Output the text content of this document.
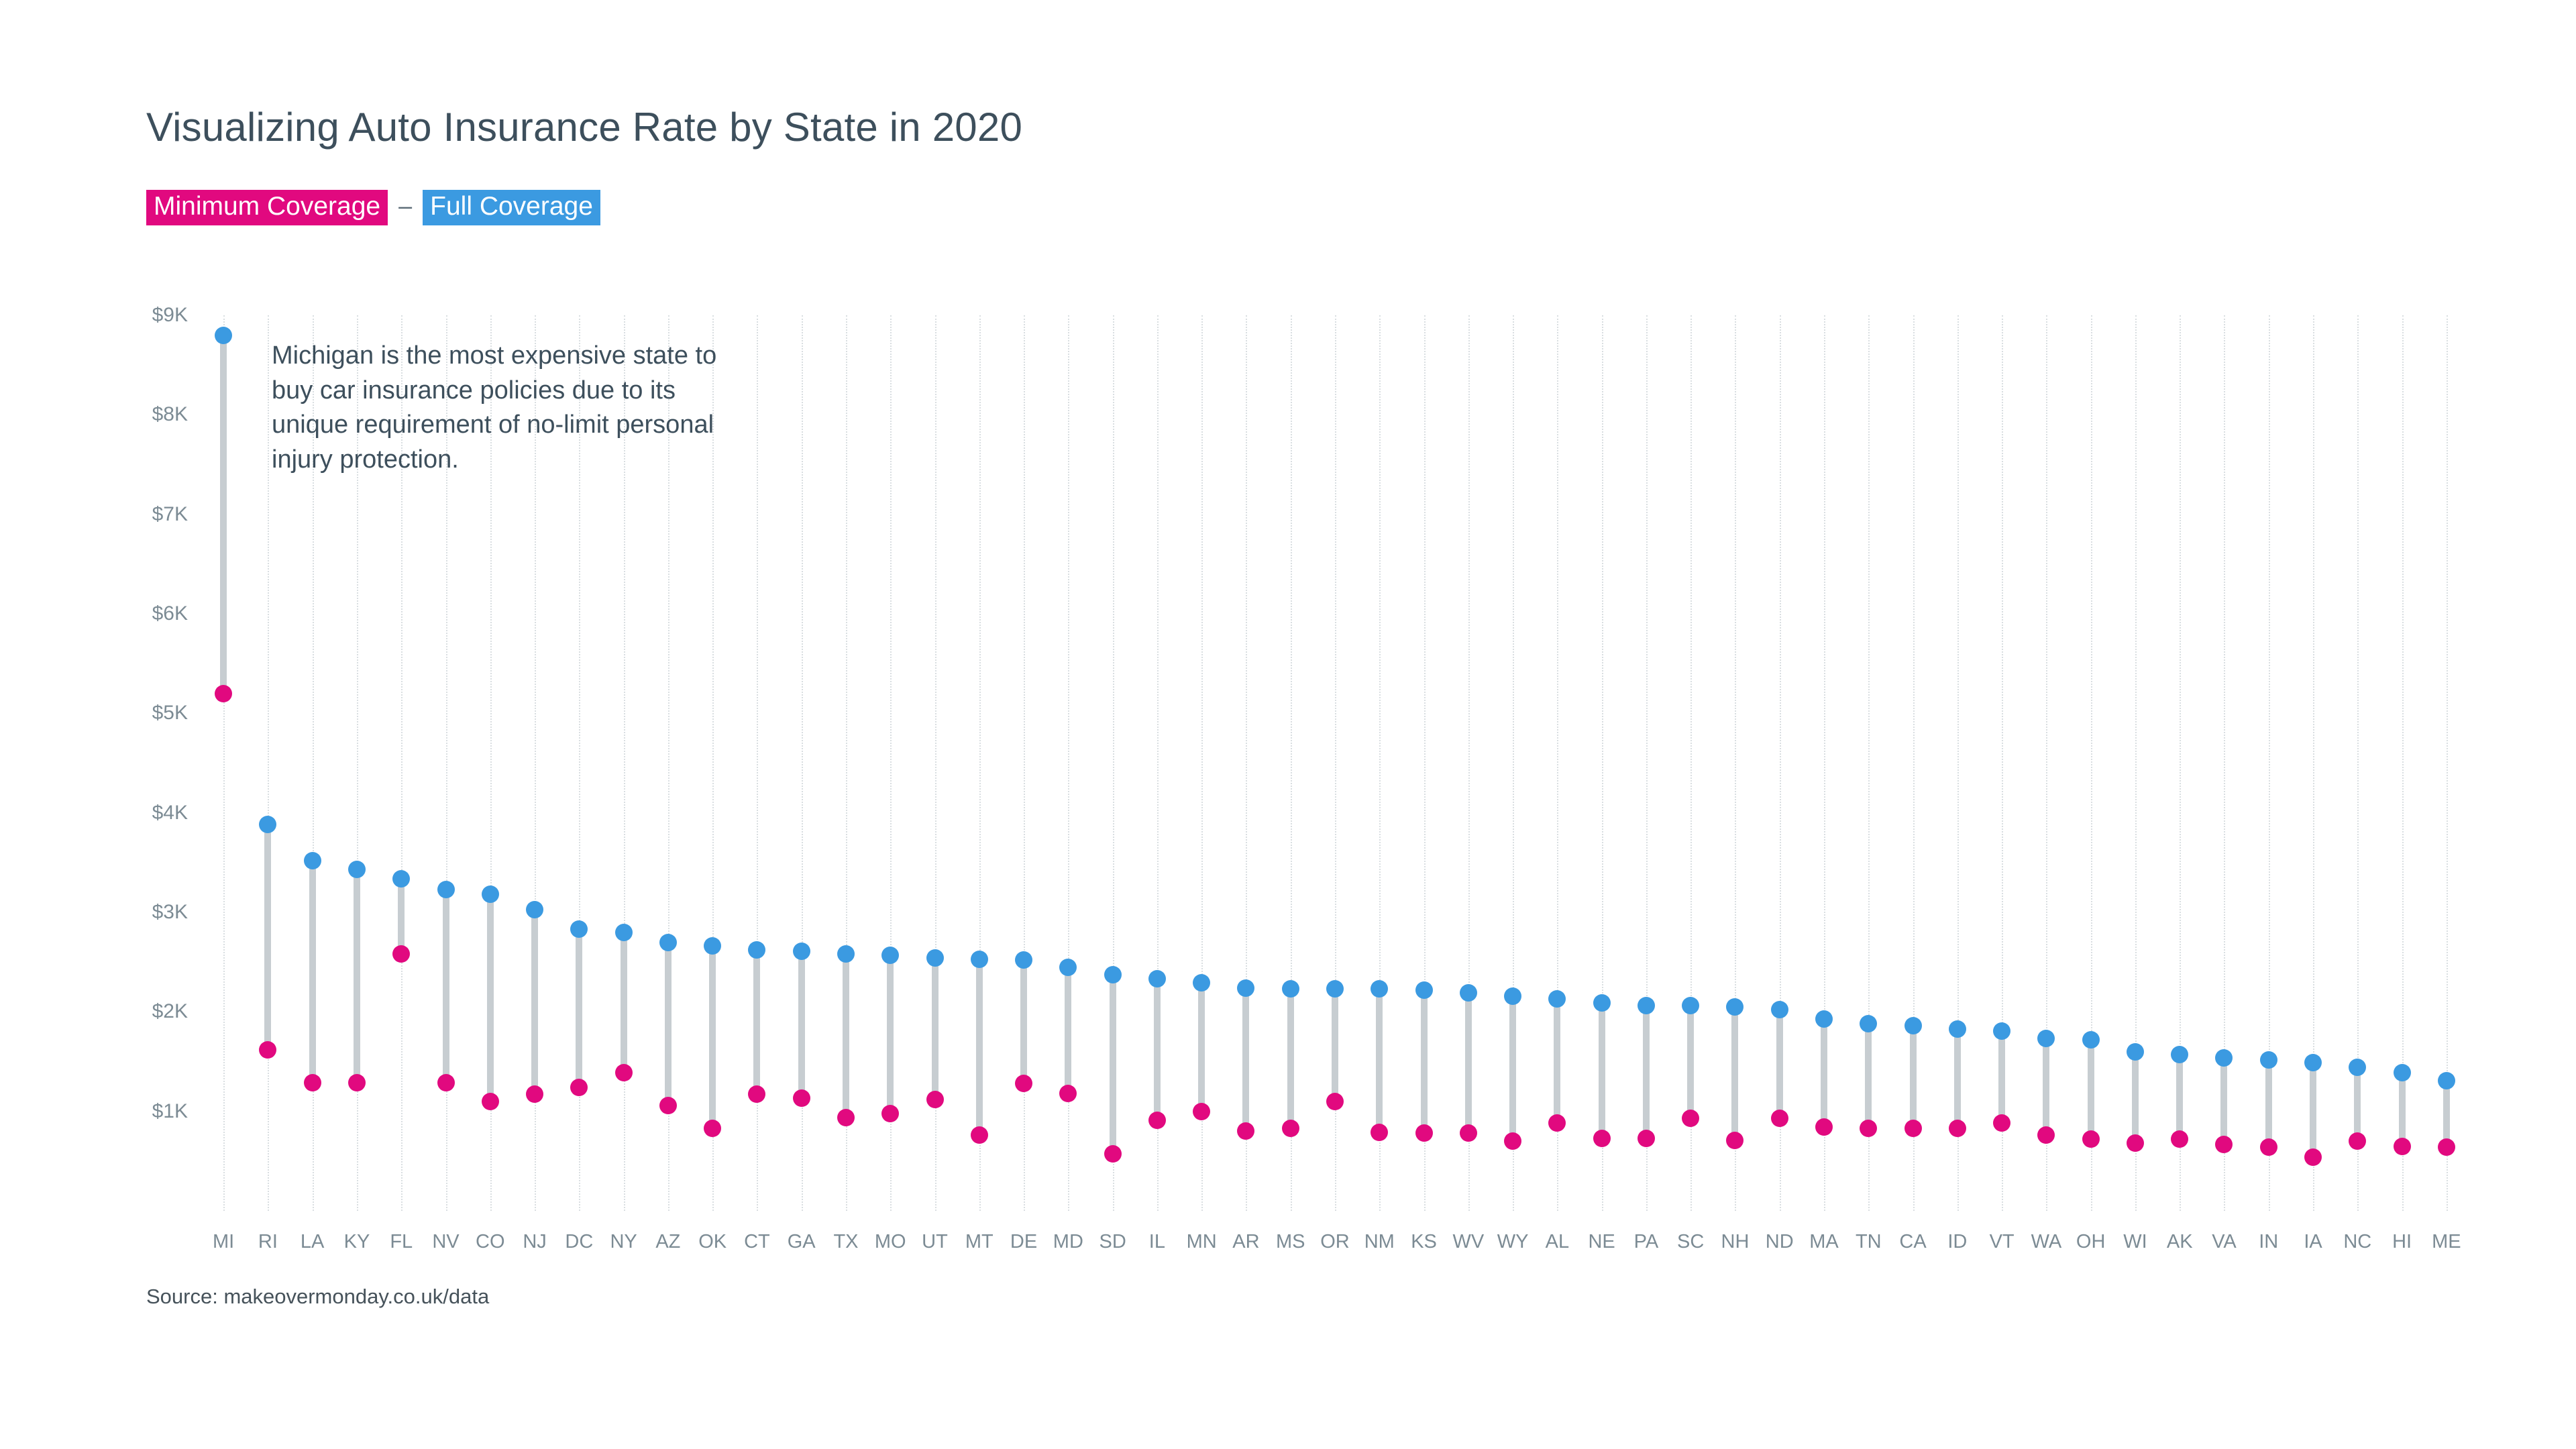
Visualizing Auto Insurance Rate by State in 2020
Minimum Coverage – Full Coverage
$1K
$2K
$3K
$4K
$5K
$6K
$7K
$8K
$9K
MI RI LA KY FL NV CO NJ DC NY AZ OK CT GA TX MO UT MT DE MD SD IL MN AR MS OR NM KS WV WY AL NE PA SC NH ND MA TN CA ID VT WA OH WI AK VA IN IA NC HI ME
Michigan is the most expensive state to buy car insurance policies due to its unique requirement of no-limit personal injury protection.
Source: makeovermonday.co.uk/data
